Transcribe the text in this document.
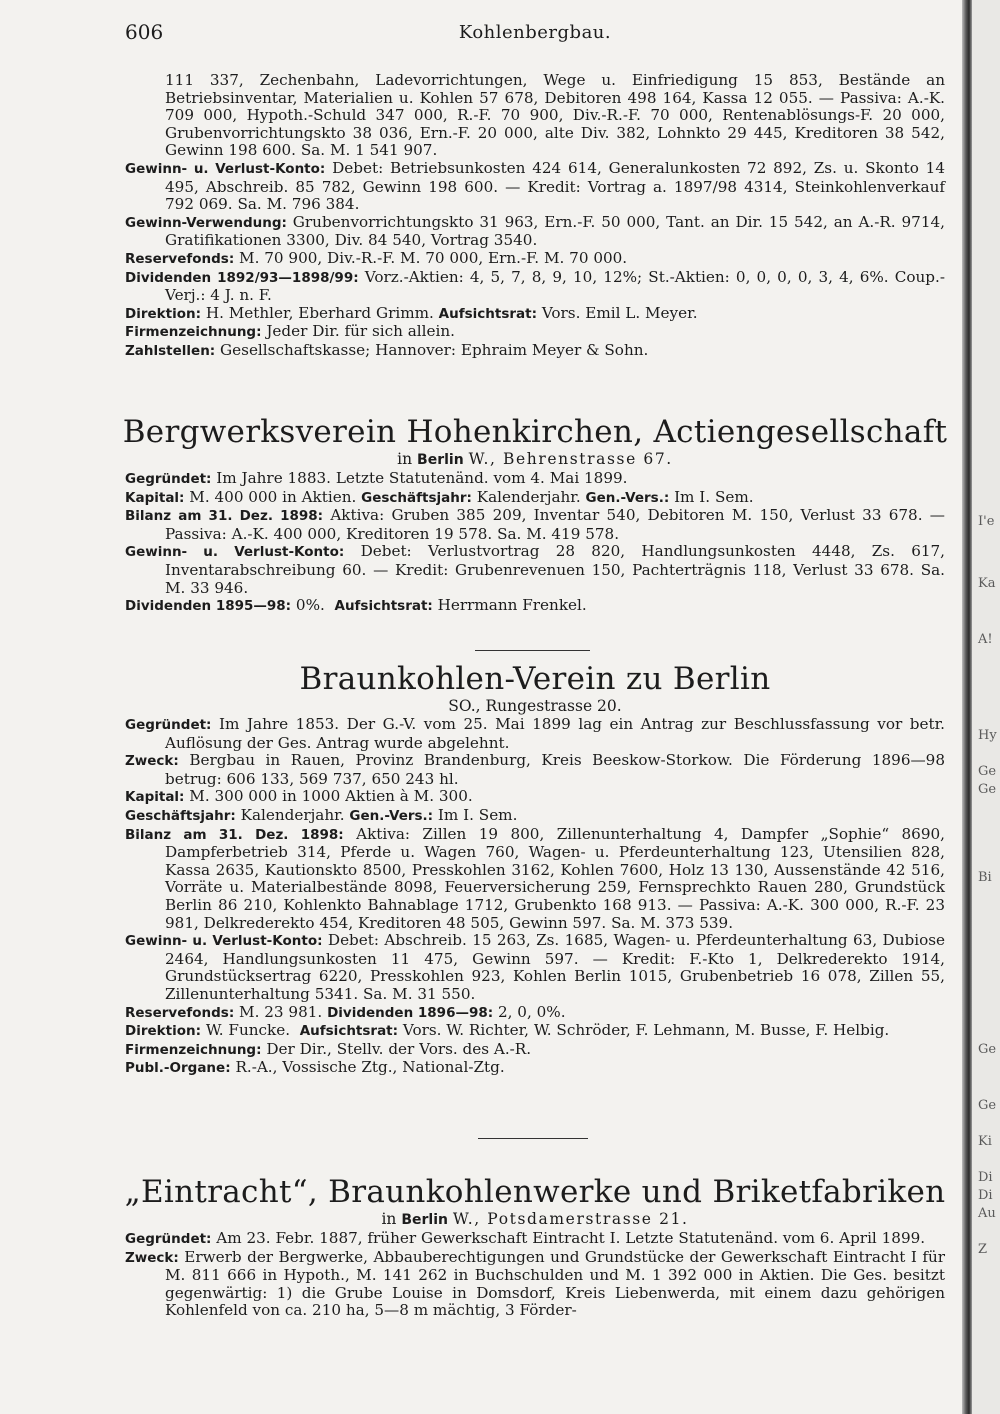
606	Kohlenbergbau.

111 337, Zechenbahn, Ladevorrichtungen, Wege u. Einfriedigung 15 853, Bestände an Betriebsinventar, Materialien u. Kohlen 57 678, Debitoren 498 164, Kassa 12 055. — Passiva: A.-K. 709 000, Hypoth.-Schuld 347 000, R.-F. 70 900, Div.-R.-F. 70 000, Rentenablösungs-F. 20 000, Grubenvorrichtungskto 38 036, Ern.-F. 20 000, alte Div. 382, Lohnkto 29 445, Kreditoren 38 542, Gewinn 198 600. Sa. M. 1 541 907.

Gewinn- u. Verlust-Konto: Debet: Betriebsunkosten 424 614, Generalunkosten 72 892, Zs. u. Skonto 14 495, Abschreib. 85 782, Gewinn 198 600. — Kredit: Vortrag a. 1897/98 4314, Steinkohlenverkauf 792 069. Sa. M. 796 384.

Gewinn-Verwendung: Grubenvorrichtungskto 31 963, Ern.-F. 50 000, Tant. an Dir. 15 542, an A.-R. 9714, Gratifikationen 3300, Div. 84 540, Vortrag 3540.

Reservefonds: M. 70 900, Div.-R.-F. M. 70 000, Ern.-F. M. 70 000.

Dividenden 1892/93—1898/99: Vorz.-Aktien: 4, 5, 7, 8, 9, 10, 12%; St.-Aktien: 0, 0, 0, 0, 3, 4, 6%. Coup.-Verj.: 4 J. n. F.

Direktion: H. Methler, Eberhard Grimm. Aufsichtsrat: Vors. Emil L. Meyer.

Firmenzeichnung: Jeder Dir. für sich allein.

Zahlstellen: Gesellschaftskasse; Hannover: Ephraim Meyer & Sohn.

Bergwerksverein Hohenkirchen, Actiengesellschaft
in Berlin W., Behrenstrasse 67.

Gegründet: Im Jahre 1883. Letzte Statutenänd. vom 4. Mai 1899.

Kapital: M. 400 000 in Aktien. Geschäftsjahr: Kalenderjahr. Gen.-Vers.: Im I. Sem.

Bilanz am 31. Dez. 1898: Aktiva: Gruben 385 209, Inventar 540, Debitoren M. 150, Verlust 33 678. — Passiva: A.-K. 400 000, Kreditoren 19 578. Sa. M. 419 578.

Gewinn- u. Verlust-Konto: Debet: Verlustvortrag 28 820, Handlungsunkosten 4448, Zs. 617, Inventarabschreibung 60. — Kredit: Grubenrevenuen 150, Pachterträgnis 118, Verlust 33 678. Sa. M. 33 946.

Dividenden 1895—98: 0%. Aufsichtsrat: Herrmann Frenkel.

Braunkohlen-Verein zu Berlin
SO., Rungestrasse 20.

Gegründet: Im Jahre 1853. Der G.-V. vom 25. Mai 1899 lag ein Antrag zur Beschlussfassung vor betr. Auflösung der Ges. Antrag wurde abgelehnt.

Zweck: Bergbau in Rauen, Provinz Brandenburg, Kreis Beeskow-Storkow. Die Förderung 1896—98 betrug: 606 133, 569 737, 650 243 hl.

Kapital: M. 300 000 in 1000 Aktien à M. 300.

Geschäftsjahr: Kalenderjahr. Gen.-Vers.: Im I. Sem.

Bilanz am 31. Dez. 1898: Aktiva: Zillen 19 800, Zillenunterhaltung 4, Dampfer „Sophie“ 8690, Dampferbetrieb 314, Pferde u. Wagen 760, Wagen- u. Pferdeunterhaltung 123, Utensilien 828, Kassa 2635, Kautionskto 8500, Presskohlen 3162, Kohlen 7600, Holz 13 130, Aussenstände 42 516, Vorräte u. Materialbestände 8098, Feuerversicherung 259, Fernsprechkto Rauen 280, Grundstück Berlin 86 210, Kohlenkto Bahnablage 1712, Grubenkto 168 913. — Passiva: A.-K. 300 000, R.-F. 23 981, Delkrederekto 454, Kreditoren 48 505, Gewinn 597. Sa. M. 373 539.

Gewinn- u. Verlust-Konto: Debet: Abschreib. 15 263, Zs. 1685, Wagen- u. Pferdeunterhaltung 63, Dubiose 2464, Handlungsunkosten 11 475, Gewinn 597. — Kredit: F.-Kto 1, Delkrederekto 1914, Grundstücksertrag 6220, Presskohlen 923, Kohlen Berlin 1015, Grubenbetrieb 16 078, Zillen 55, Zillenunterhaltung 5341. Sa. M. 31 550.

Reservefonds: M. 23 981. Dividenden 1896—98: 2, 0, 0%.

Direktion: W. Funcke. Aufsichtsrat: Vors. W. Richter, W. Schröder, F. Lehmann, M. Busse, F. Helbig.

Firmenzeichnung: Der Dir., Stellv. der Vors. des A.-R.

Publ.-Organe: R.-A., Vossische Ztg., National-Ztg.

„Eintracht“, Braunkohlenwerke und Briketfabriken
in Berlin W., Potsdamerstrasse 21.

Gegründet: Am 23. Febr. 1887, früher Gewerkschaft Eintracht I. Letzte Statutenänd. vom 6. April 1899.

Zweck: Erwerb der Bergwerke, Abbauberechtigungen und Grundstücke der Gewerkschaft Eintracht I für M. 811 666 in Hypoth., M. 141 262 in Buchschulden und M. 1 392 000 in Aktien. Die Ges. besitzt gegenwärtig: 1) die Grube Louise in Domsdorf, Kreis Liebenwerda, mit einem dazu gehörigen Kohlenfeld von ca. 210 ha, 5—8 m mächtig, 3 Förder-

I'e
Ka
A!
Hy
Ge
Ge
Bi
Ge
Ge
Ki
Di
Di
Au
Z
